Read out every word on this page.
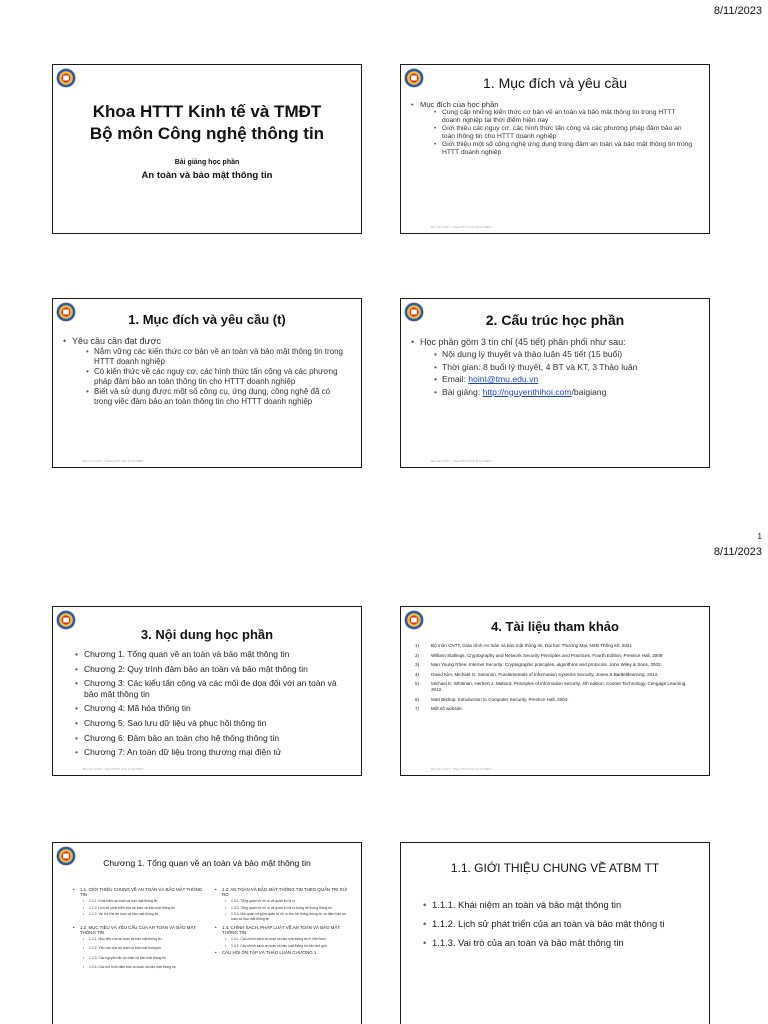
8/11/2023
1
8/11/2023
Khoa HTTT Kinh tế và TMĐT
Bộ môn Công nghệ thông tin
Bài giảng học phần
An toàn và bảo mật thông tin
1. Mục đích và yêu cầu
• Mục đích của học phần
• Cung cấp những kiến thức cơ bản về an toàn và bảo mật thông tin trong HTTT doanh nghiệp tại thời điểm hiện nay
• Giới thiệu các nguy cơ, các hình thức tấn công và các phương pháp đảm bảo an toàn thông tin cho HTTT doanh nghiệp
• Giới thiệu một số công nghệ ứng dụng trong đảm an toàn và bảo mật thông tin trong HTTT doanh nghiệp
Bộ môn CNTT - Khoa HTTT Kinh tế và TMĐT
1. Mục đích và yêu cầu (t)
• Yêu cầu cần đạt được
• Nắm vững các kiến thức cơ bản về an toàn và bảo mật thông tin trong HTTT doanh nghiệp
• Có kiến thức về các nguy cơ, các hình thức tấn công và các phương pháp đảm bảo an toàn thông tin cho HTTT doanh nghiệp
• Biết và sử dụng được một số công cụ, ứng dụng, công nghệ đã có trong việc đảm bảo an toàn thông tin cho HTTT doanh nghiệp
Bộ môn CNTT - Khoa HTTT Kinh tế và TMĐT
2. Cấu trúc học phần
• Học phần gồm 3 tín chỉ (45 tiết) phân phối như sau:
• Nội dung lý thuyết và thảo luận 45 tiết (15 buổi)
• Thời gian: 8 buổi lý thuyết, 4 BT và KT, 3 Thảo luận
• Email: hoint@tmu.edu.vn
• Bài giảng: http://nguyenthihoi.com/baigiang
Bộ môn CNTT - Khoa HTTT Kinh tế và TMĐT
3. Nội dung học phần
• Chương 1. Tổng quan về an toàn và bảo mật thông tin
• Chương 2: Quy trình đảm bảo an toàn và bảo mật thông tin
• Chương 3: Các kiểu tấn công và các mối đe dọa đối với an toàn và bảo mật thông tin
• Chương 4: Mã hóa thông tin
• Chương 5: Sao lưu dữ liệu và phục hồi thông tin
• Chương 6: Đảm bảo an toàn cho hệ thống thông tin
• Chương 7: An toàn dữ liệu trong thương mại điện tử
Bộ môn CNTT - Khoa HTTT Kinh tế và TMĐT
4. Tài liệu tham khảo
1)	Bộ môn CNTT, Giáo trình An toàn và bảo mật thông tin, Đại học Thương Mại, NXB Thống kê, 2021
2)	William Stallings, Cryptography and Network Security Principles and Practices, Fourth Edition, Prentice Hall, 2008
3)	Man Young Rhee. Internet Security: Cryptographic principles, algorithms and protocols. John Wiley & Sons, 2003.
4)	David Kim, Michael G. Solomon, Fundamentals of Information Systems Security, Jones & Bartlettlearning, 2012.
5)	Michael E. Whitman, Herbert J. Mattord, Principles of information security, 4th edition, Course Technology, Cengage Learning, 2012.
6)	Matt Bishop, Introduction to Computer Security, Prentice Hall, 2004.
7)	Một số website
Bộ môn CNTT - Khoa HTTT Kinh tế và TMĐT
Chương 1. Tổng quan về an toàn và bảo mật thông tin
• 1.1. GIỚI THIỆU CHUNG VỀ AN TOÀN VÀ BẢO MẬT THÔNG TIN
• 1.1.1. Khái niệm an toàn và bảo mật thông tin
• 1.1.2. Lịch sử phát triển của an toàn và bảo mật thông tin
• 1.1.3. Vai trò của an toàn và bảo mật thông tin
• 1.2. MỤC TIÊU VÀ YÊU CẦU CỦA AN TOÀN VÀ BẢO MẬT THÔNG TIN
• 1.2.1. Mục tiêu của an toàn và bảo mật thông tin
• 1.2.2. Yêu cầu của an toàn và bảo mật thông tin
• 1.2.3. Các nguyên tắc an toàn và bảo mật thông tin
• 1.2.4. Các mô hình đảm bảo an toàn và bảo mật thông tin
• 1.3. AN TOÀN VÀ BẢO MẬT THÔNG TIN THEO QUẢN TRỊ RỦI RO
• 1.3.1. Tổng quan về rủi ro và quản trị rủi ro
• 1.3.2. Tổng quan về rủi ro và quản trị rủi ro trong hệ thống thông tin
• 1.3.3. Mối quan hệ giữa quản trị rủi ro cho hệ thống thông tin và đảm bảo an toàn và bảo mật thông tin
• 1.4. CHÍNH SÁCH, PHÁP LUẬT VỀ AN TOÀN VÀ BẢO MẬT THÔNG TIN
• 1.4.1. Các chính sách an toàn và bảo mật thông tin ở Việt Nam
• 1.4.2. Các chính sách an toàn và bảo mật thông tin trên thế giới
• CÂU HỎI ÔN TẬP VÀ THẢO LUẬN CHƯƠNG 1
1.1. GIỚI THIỆU CHUNG VỀ ATBM TT
• 1.1.1. Khái niệm an toàn và bảo mật thông tin
• 1.1.2. Lịch sử phát triển của an toàn và bảo mật thông ti
• 1.1.3. Vai trò của an toàn và bảo mật thông tin
